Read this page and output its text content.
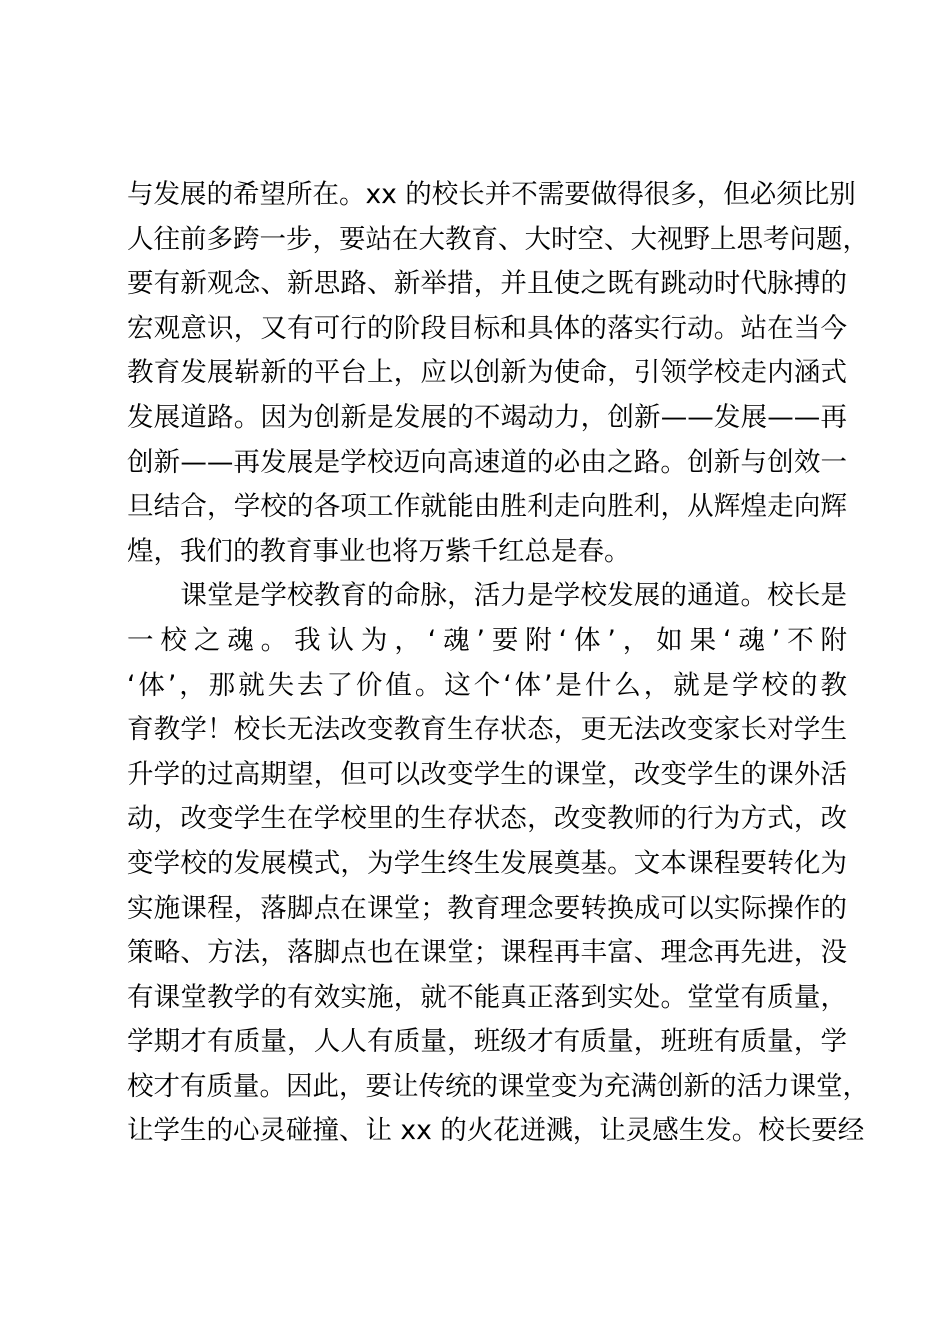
与发展的希望所在。xx 的校长并不需要做得很多，但必须比别
人往前多跨一步，要站在大教育、大时空、大视野上思考问题，
要有新观念、新思路、新举措，并且使之既有跳动时代脉搏的
宏观意识，又有可行的阶段目标和具体的落实行动。站在当今
教育发展崭新的平台上，应以创新为使命，引领学校走内涵式
发展道路。因为创新是发展的不竭动力，创新——发展——再
创新——再发展是学校迈向高速道的必由之路。创新与创效一
旦结合，学校的各项工作就能由胜利走向胜利，从辉煌走向辉
煌，我们的教育事业也将万紫千红总是春。
　　课堂是学校教育的命脉，活力是学校发展的通道。校长是
一校之魂。我认为，‘魂’要附‘体’，如果‘魂’不附
‘体’，那就失去了价值。这个‘体’是什么，就是学校的教
育教学！校长无法改变教育生存状态，更无法改变家长对学生
升学的过高期望，但可以改变学生的课堂，改变学生的课外活
动，改变学生在学校里的生存状态，改变教师的行为方式，改
变学校的发展模式，为学生终生发展奠基。文本课程要转化为
实施课程，落脚点在课堂；教育理念要转换成可以实际操作的
策略、方法，落脚点也在课堂；课程再丰富、理念再先进，没
有课堂教学的有效实施，就不能真正落到实处。堂堂有质量，
学期才有质量，人人有质量，班级才有质量，班班有质量，学
校才有质量。因此，要让传统的课堂变为充满创新的活力课堂，
让学生的心灵碰撞、让 xx 的火花迸溅，让灵感生发。校长要经
